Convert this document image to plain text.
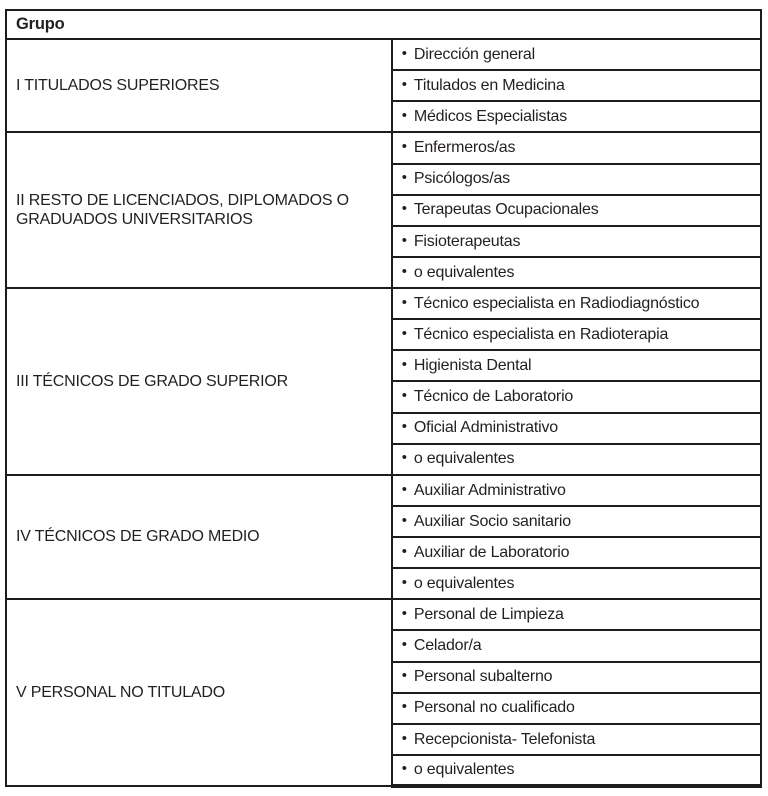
Grupo	
I TITULADOS SUPERIORES	• Dirección general
	• Titulados en Medicina
	• Médicos Especialistas
II RESTO DE LICENCIADOS, DIPLOMADOS O GRADUADOS UNIVERSITARIOS	• Enfermeros/as
	• Psicólogos/as
	• Terapeutas Ocupacionales
	• Fisioterapeutas
	• o equivalentes
III TÉCNICOS DE GRADO SUPERIOR	• Técnico especialista en Radiodiagnóstico
	• Técnico especialista en Radioterapia
	• Higienista Dental
	• Técnico de Laboratorio
	• Oficial Administrativo
	• o equivalentes
IV TÉCNICOS DE GRADO MEDIO	• Auxiliar Administrativo
	• Auxiliar Socio sanitario
	• Auxiliar de Laboratorio
	• o equivalentes
V PERSONAL NO TITULADO	• Personal de Limpieza
	• Celador/a
	• Personal subalterno
	• Personal no cualificado
	• Recepcionista- Telefonista
	• o equivalentes
